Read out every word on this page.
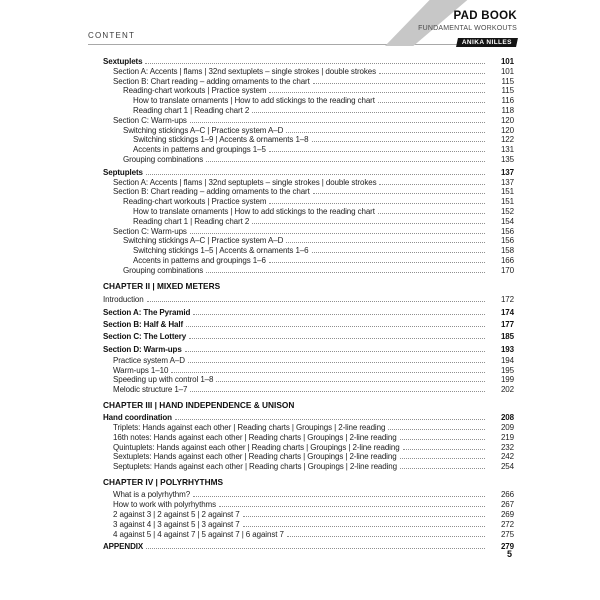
CONTENT
PAD BOOK
FUNDAMENTAL WORKOUTS
ANIKA NILLES
Sextuplets	101
Section A: Accents | flams | 32nd sextuplets – single strokes | double strokes	101
Section B: Chart reading – adding ornaments to the chart	115
Reading-chart workouts | Practice system	115
How to translate ornaments | How to add stickings to the reading chart	116
Reading chart 1 | Reading chart 2	118
Section C: Warm-ups	120
Switching stickings A–C | Practice system A–D	120
Switching stickings 1–9 | Accents & ornaments 1–8	122
Accents in patterns and groupings 1–5	131
Grouping combinations	135
Septuplets	137
Section A: Accents | flams | 32nd septuplets – single strokes | double strokes	137
Section B: Chart reading – adding ornaments to the chart	151
Reading-chart workouts | Practice system	151
How to translate ornaments | How to add stickings to the reading chart	152
Reading chart 1 | Reading chart 2	154
Section C: Warm-ups	156
Switching stickings A–C | Practice system A–D	156
Switching stickings 1–5 | Accents & ornaments 1–6	158
Accents in patterns and groupings 1–6	166
Grouping combinations	170
CHAPTER II | MIXED METERS
Introduction	172
Section A: The Pyramid	174
Section B: Half & Half	177
Section C: The Lottery	185
Section D: Warm-ups	193
Practice system A–D	194
Warm-ups 1–10	195
Speeding up with control 1–8	199
Melodic structure 1–7	202
CHAPTER III | HAND INDEPENDENCE & UNISON
Hand coordination	208
Triplets: Hands against each other | Reading charts | Groupings | 2-line reading	209
16th notes: Hands against each other | Reading charts | Groupings | 2-line reading	219
Quintuplets: Hands against each other | Reading charts | Groupings | 2-line reading	232
Sextuplets: Hands against each other | Reading charts | Groupings | 2-line reading	242
Septuplets: Hands against each other | Reading charts | Groupings | 2-line reading	254
CHAPTER IV | POLYRHYTHMS
What is a polyrhythm?	266
How to work with polyrhythms	267
2 against 3 | 2 against 5 | 2 against 7	269
3 against 4 | 3 against 5 | 3 against 7	272
4 against 5 | 4 against 7 | 5 against 7 | 6 against 7	275
APPENDIX	279
5
